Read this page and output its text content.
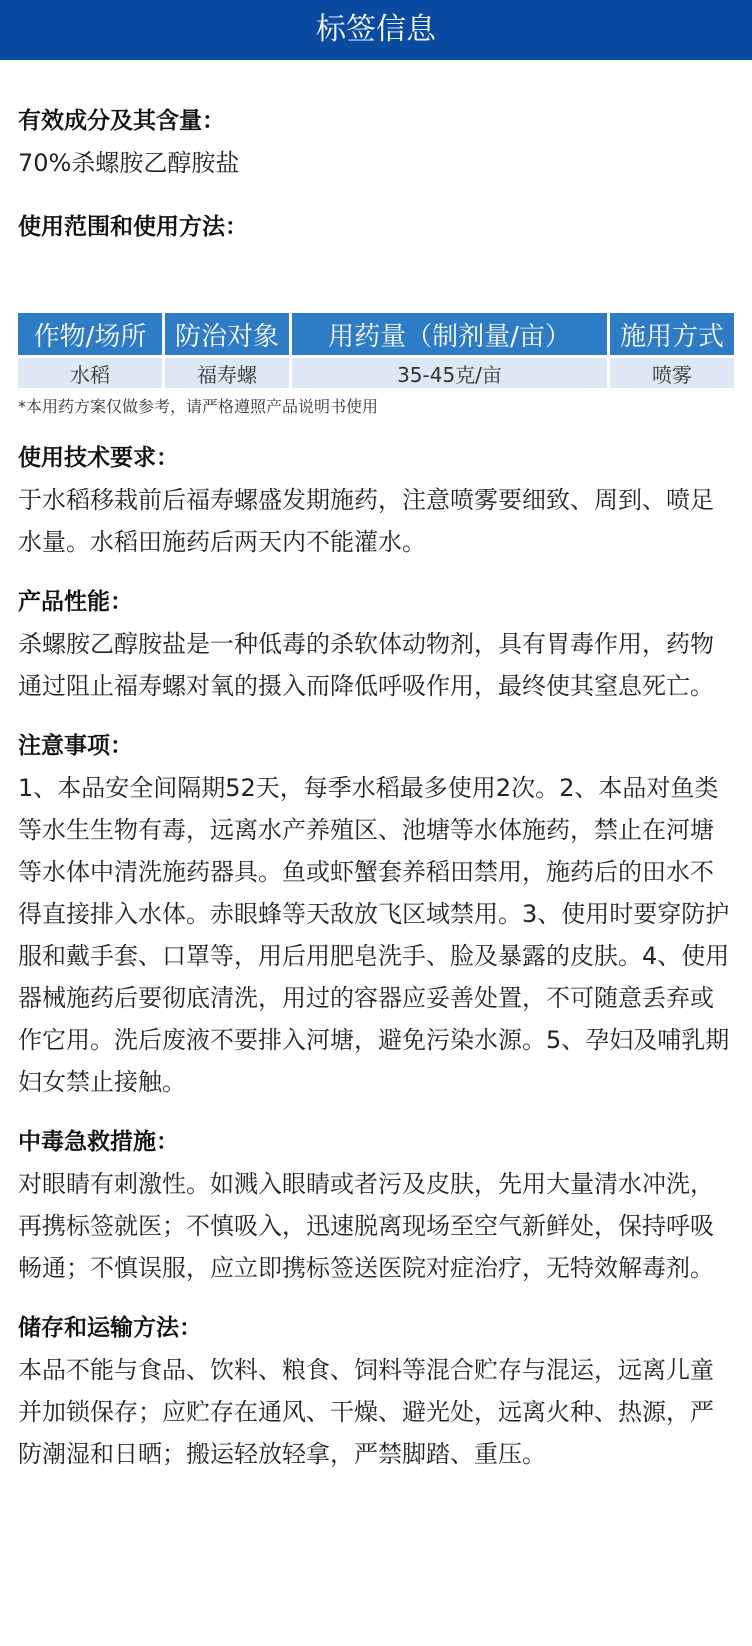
标签信息
有效成分及其含量：
70%杀螺胺乙醇胺盐
使用范围和使用方法：
作物/场所	防治对象	用药量（制剂量/亩）	施用方式
水稻	福寿螺	35-45克/亩	喷雾
*本用药方案仅做参考，请严格遵照产品说明书使用
使用技术要求：
于水稻移栽前后福寿螺盛发期施药，注意喷雾要细致、周到、喷足水量。水稻田施药后两天内不能灌水。
产品性能：
杀螺胺乙醇胺盐是一种低毒的杀软体动物剂，具有胃毒作用，药物通过阻止福寿螺对氧的摄入而降低呼吸作用，最终使其窒息死亡。
注意事项：
1、本品安全间隔期52天，每季水稻最多使用2次。2、本品对鱼类等水生生物有毒，远离水产养殖区、池塘等水体施药，禁止在河塘等水体中清洗施药器具。鱼或虾蟹套养稻田禁用，施药后的田水不得直接排入水体。赤眼蜂等天敌放飞区域禁用。3、使用时要穿防护服和戴手套、口罩等，用后用肥皂洗手、脸及暴露的皮肤。4、使用器械施药后要彻底清洗，用过的容器应妥善处置，不可随意丢弃或作它用。洗后废液不要排入河塘，避免污染水源。5、孕妇及哺乳期妇女禁止接触。
中毒急救措施：
对眼睛有刺激性。如溅入眼睛或者污及皮肤，先用大量清水冲洗，再携标签就医；不慎吸入，迅速脱离现场至空气新鲜处，保持呼吸畅通；不慎误服，应立即携标签送医院对症治疗，无特效解毒剂。
储存和运输方法：
本品不能与食品、饮料、粮食、饲料等混合贮存与混运，远离儿童并加锁保存；应贮存在通风、干燥、避光处，远离火种、热源，严防潮湿和日晒；搬运轻放轻拿，严禁脚踏、重压。
